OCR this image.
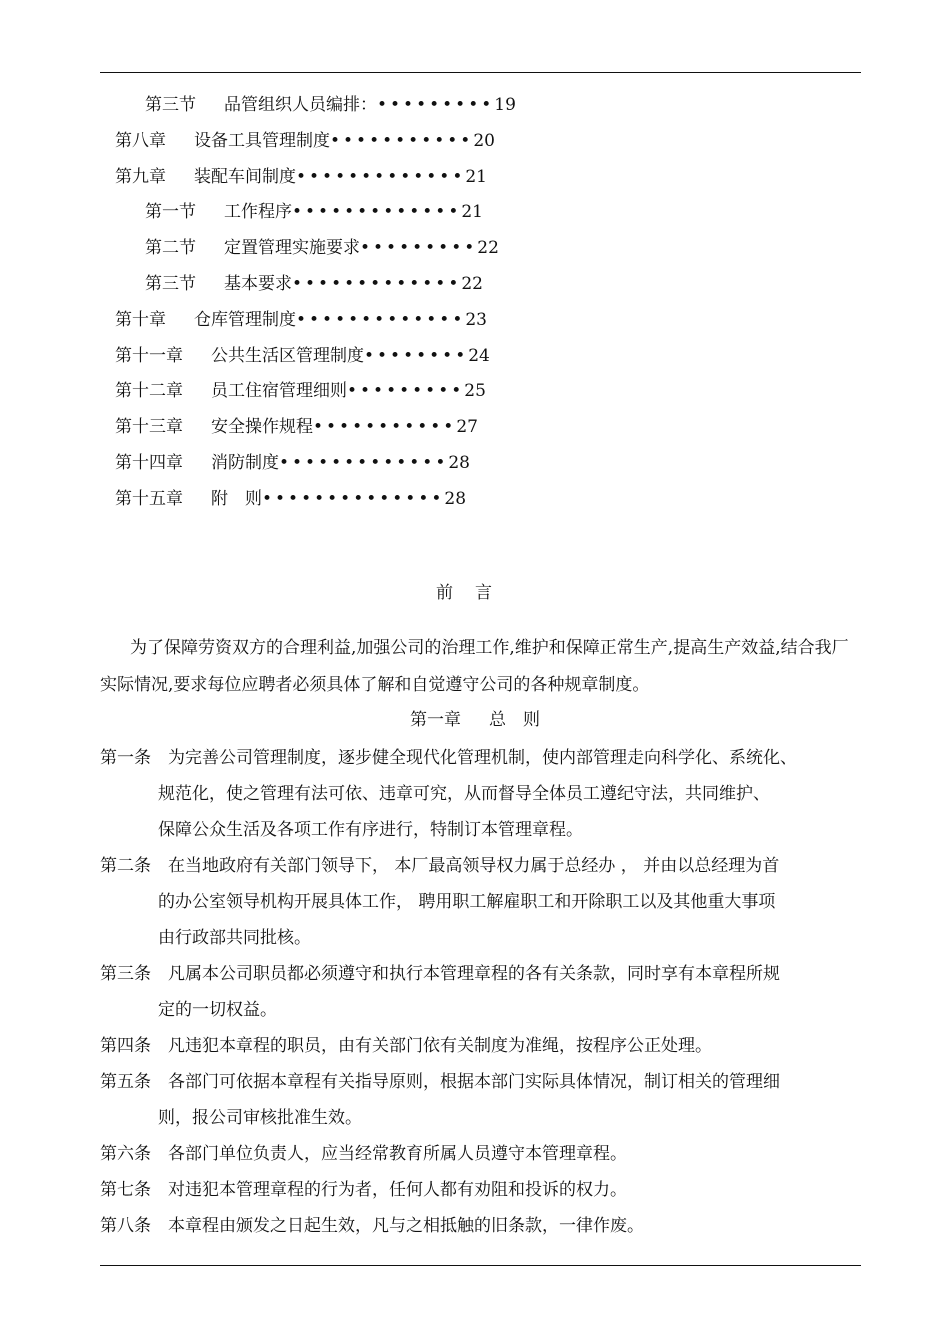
第三节 品管组织人员编排： ••••••••• 19
第八章 设备工具管理制度 ••••••••••• 20
第九章 装配车间制度 ••••••••••••• 21
第一节 工作程序 ••••••••••••• 21
第二节 定置管理实施要求 ••••••••• 22
第三节 基本要求 ••••••••••••• 22
第十章 仓库管理制度 ••••••••••••• 23
第十一章 公共生活区管理制度 •••••••• 24
第十二章 员工住宿管理细则 ••••••••• 25
第十三章 安全操作规程 ••••••••••• 27
第十四章 消防制度 ••••••••••••• 28
第十五章 附　则 •••••••••••••• 28
前言

为了保障劳资双方的合理利益,加强公司的治理工作,维护和保障正常生产,提高生产效益,结合我厂实际情况,要求每位应聘者必须具体了解和自觉遵守公司的各种规章制度。

第一章 总　则
第一条	为完善公司管理制度，逐步健全现代化管理机制，使内部管理走向科学化、系统化、
规范化，使之管理有法可依、违章可究，从而督导全体员工遵纪守法，共同维护、
保障公众生活及各项工作有序进行，特制订本管理章程。
第二条	在当地政府有关部门领导下， 本厂最高领导权力属于总经办 ， 并由以总经理为首
的办公室领导机构开展具体工作， 聘用职工解雇职工和开除职工以及其他重大事项
由行政部共同批核。
第三条	凡属本公司职员都必须遵守和执行本管理章程的各有关条款，同时享有本章程所规
定的一切权益。
第四条	凡违犯本章程的职员，由有关部门依有关制度为准绳，按程序公正处理。
第五条	各部门可依据本章程有关指导原则，根据本部门实际具体情况，制订相关的管理细
则，报公司审核批准生效。
第六条	各部门单位负责人，应当经常教育所属人员遵守本管理章程。
第七条	对违犯本管理章程的行为者，任何人都有劝阻和投诉的权力。
第八条	本章程由颁发之日起生效，凡与之相抵触的旧条款，一律作废。
